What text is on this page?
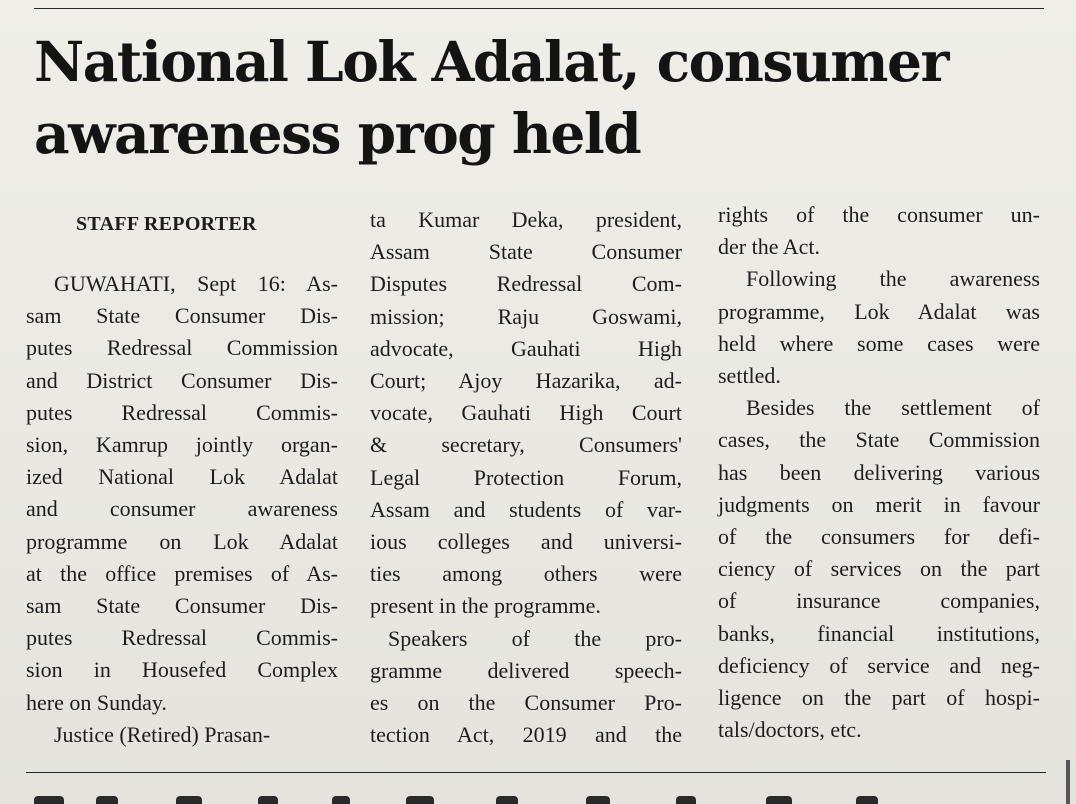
National Lok Adalat, consumer
awareness prog held
STAFF REPORTER
GUWAHATI, Sept 16: As-
sam State Consumer Dis-
putes Redressal Commission
and District Consumer Dis-
putes Redressal Commis-
sion, Kamrup jointly organ-
ized National Lok Adalat
and consumer awareness
programme on Lok Adalat
at the office premises of As-
sam State Consumer Dis-
putes Redressal Commis-
sion in Housefed Complex
here on Sunday.
Justice (Retired) Prasan-
ta Kumar Deka, president,
Assam State Consumer
Disputes Redressal Com-
mission; Raju Goswami,
advocate, Gauhati High
Court; Ajoy Hazarika, ad-
vocate, Gauhati High Court
& secretary, Consumers'
Legal Protection Forum,
Assam and students of var-
ious colleges and universi-
ties among others were
present in the programme.
Speakers of the pro-
gramme delivered speech-
es on the Consumer Pro-
tection Act, 2019 and the
rights of the consumer un-
der the Act.
Following the awareness
programme, Lok Adalat was
held where some cases were
settled.
Besides the settlement of
cases, the State Commission
has been delivering various
judgments on merit in favour
of the consumers for defi-
ciency of services on the part
of insurance companies,
banks, financial institutions,
deficiency of service and neg-
ligence on the part of hospi-
tals/doctors, etc.
